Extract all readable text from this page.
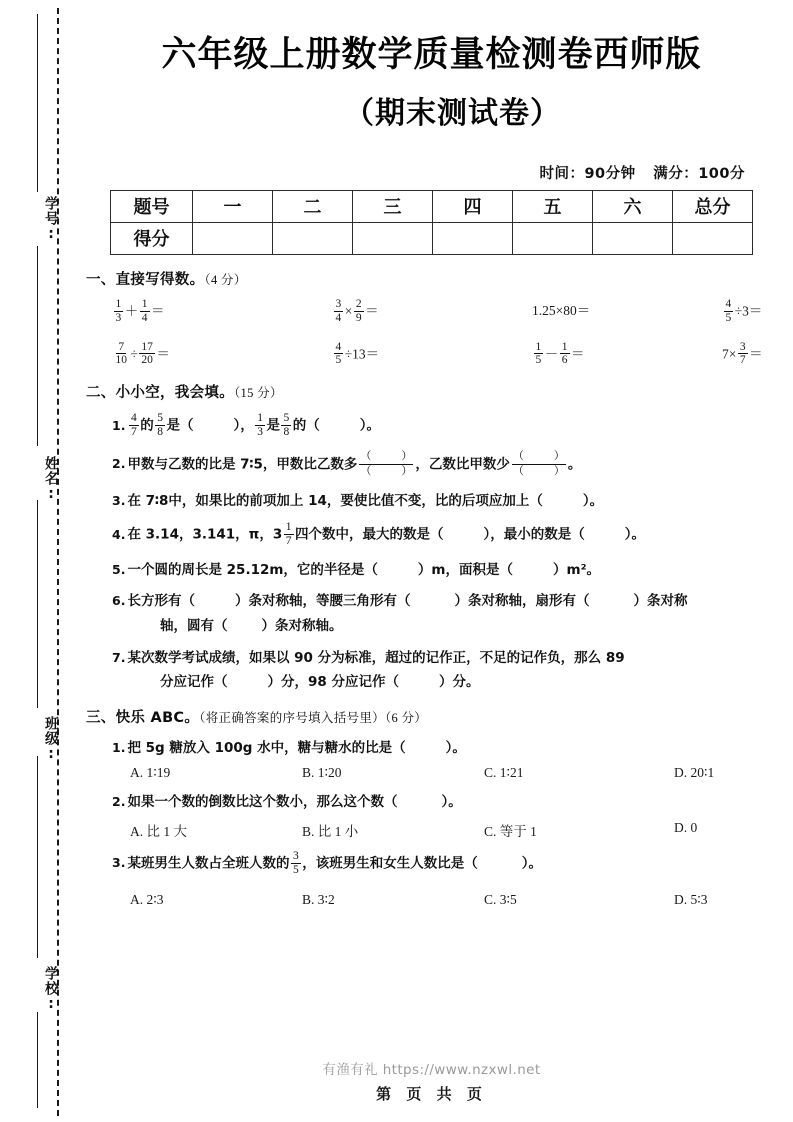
学号:
姓名:
班级:
学校:
六年级上册数学质量检测卷西师版
（期末测试卷）
时间：90分钟 满分：100分
题号	一	二	三	四	五	六	总分
得分							
一、直接写得数。（4 分）
$\frac{1}{3} + \frac{1}{4}$ ＝	$\frac{3}{4} \times \frac{2}{9}$ ＝	1.25×80＝	$\frac{4}{5} \div 3=$
$\frac{7}{10} \div \frac{17}{20}$ ＝	$\frac{4}{5} \div 13=$	$\frac{1}{5} - \frac{1}{6}$ ＝	$7\times \frac{3}{7}$ ＝
二、小小空，我会填。（15 分）
1. $\frac{4}{7}$ 的 $\frac{5}{8}$ 是（	）， $\frac{1}{3}$ 是 $\frac{5}{8}$ 的（	）。
2. 甲数与乙数的比是 7∶5，甲数比乙数多 （	）
（	） ，乙数比甲数少 （	）
（	） 。
3. 在 7∶8中，如果比的前项加上 14，要使比值不变，比的后项应加上（	）。
4. 在 3.14，3.141，π，$3 \frac{1}{7}$ 四个数中，最大的数是（	），最小的数是（	）。
5. 一个圆的周长是 25.12m，它的半径是（	）m，面积是（	）m²。
6. 长方形有（	）条对称轴，等腰三角形有（	）条对称轴，扇形有（	）条对称
轴，圆有（	）条对称轴。
7. 某次数学考试成绩，如果以 90 分为标准，超过的记作正，不足的记作负，那么 89
分应记作（	）分，98 分应记作（	）分。
三、快乐 ABC。（将正确答案的序号填入括号里）（6 分）
1. 把 5g 糖放入 100g 水中，糖与糖水的比是（	）。
A. 1∶19	B. 1∶20	C. 1∶21	D. 20∶1
2. 如果一个数的倒数比这个数小，那么这个数（	）。
A. 比 1 大	B. 比 1 小	C. 等于 1	D. 0
3. 某班男生人数占全班人数的 $\frac{3}{5}$ ，该班男生和女生人数比是（	）。
A. 2∶3	B. 3∶2	C. 3∶5	D. 5∶3
有渔有礼 https://www.nzxwl.net
第 页 共 页
